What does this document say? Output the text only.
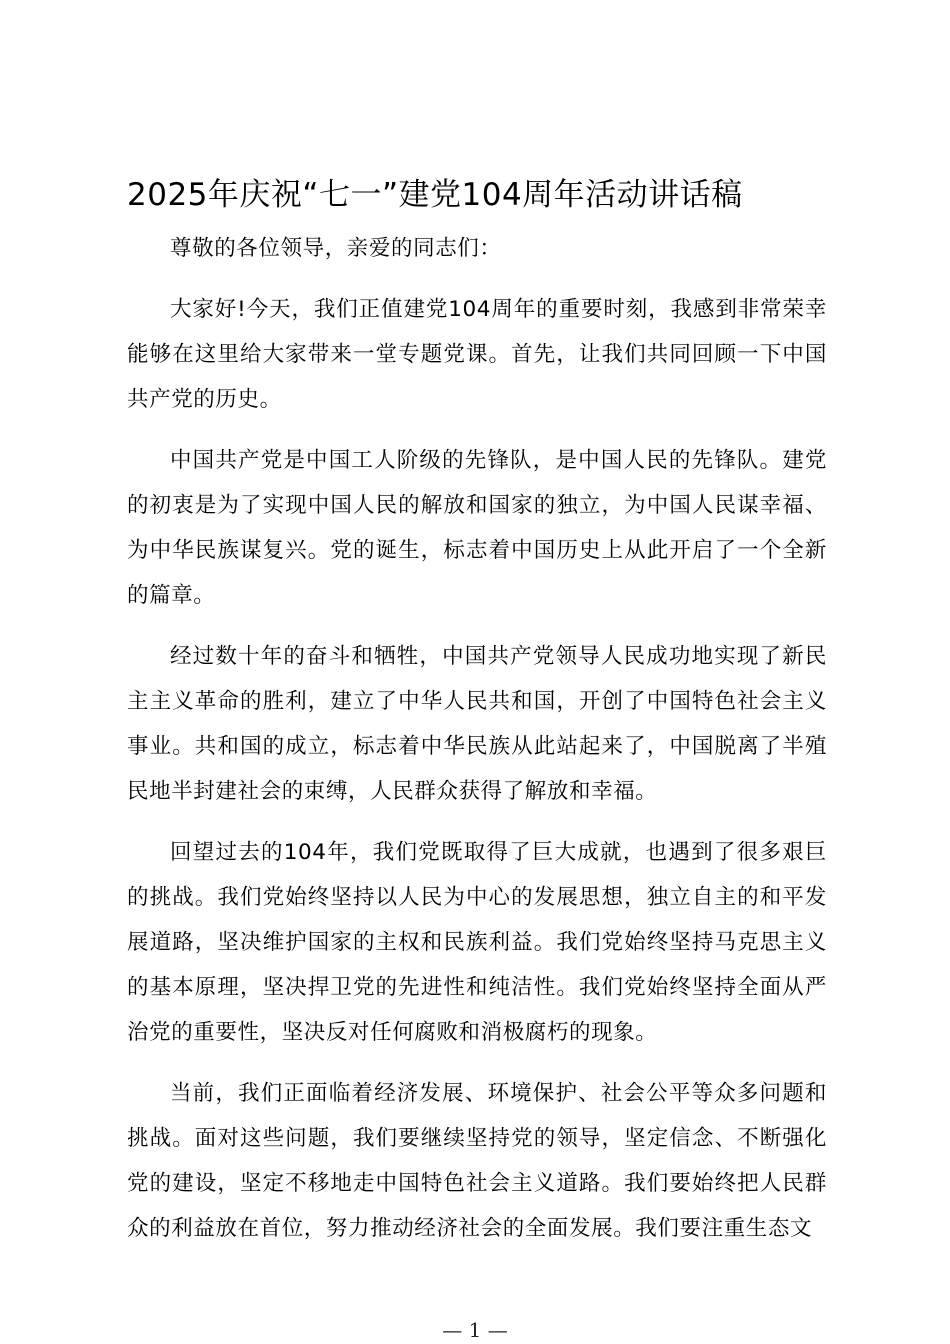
2025年庆祝“七一”建党104周年活动讲话稿

尊敬的各位领导，亲爱的同志们：

大家好!今天，我们正值建党104周年的重要时刻，我感到非常荣幸能够在这里给大家带来一堂专题党课。首先，让我们共同回顾一下中国共产党的历史。

中国共产党是中国工人阶级的先锋队，是中国人民的先锋队。建党的初衷是为了实现中国人民的解放和国家的独立，为中国人民谋幸福、为中华民族谋复兴。党的诞生，标志着中国历史上从此开启了一个全新的篇章。

经过数十年的奋斗和牺牲，中国共产党领导人民成功地实现了新民主主义革命的胜利，建立了中华人民共和国，开创了中国特色社会主义事业。共和国的成立，标志着中华民族从此站起来了，中国脱离了半殖民地半封建社会的束缚，人民群众获得了解放和幸福。

回望过去的104年，我们党既取得了巨大成就，也遇到了很多艰巨的挑战。我们党始终坚持以人民为中心的发展思想，独立自主的和平发展道路，坚决维护国家的主权和民族利益。我们党始终坚持马克思主义的基本原理，坚决捍卫党的先进性和纯洁性。我们党始终坚持全面从严治党的重要性，坚决反对任何腐败和消极腐朽的现象。

当前，我们正面临着经济发展、环境保护、社会公平等众多问题和挑战。面对这些问题，我们要继续坚持党的领导，坚定信念、不断强化党的建设，坚定不移地走中国特色社会主义道路。我们要始终把人民群众的利益放在首位，努力推动经济社会的全面发展。我们要注重生态文

— 1 —
